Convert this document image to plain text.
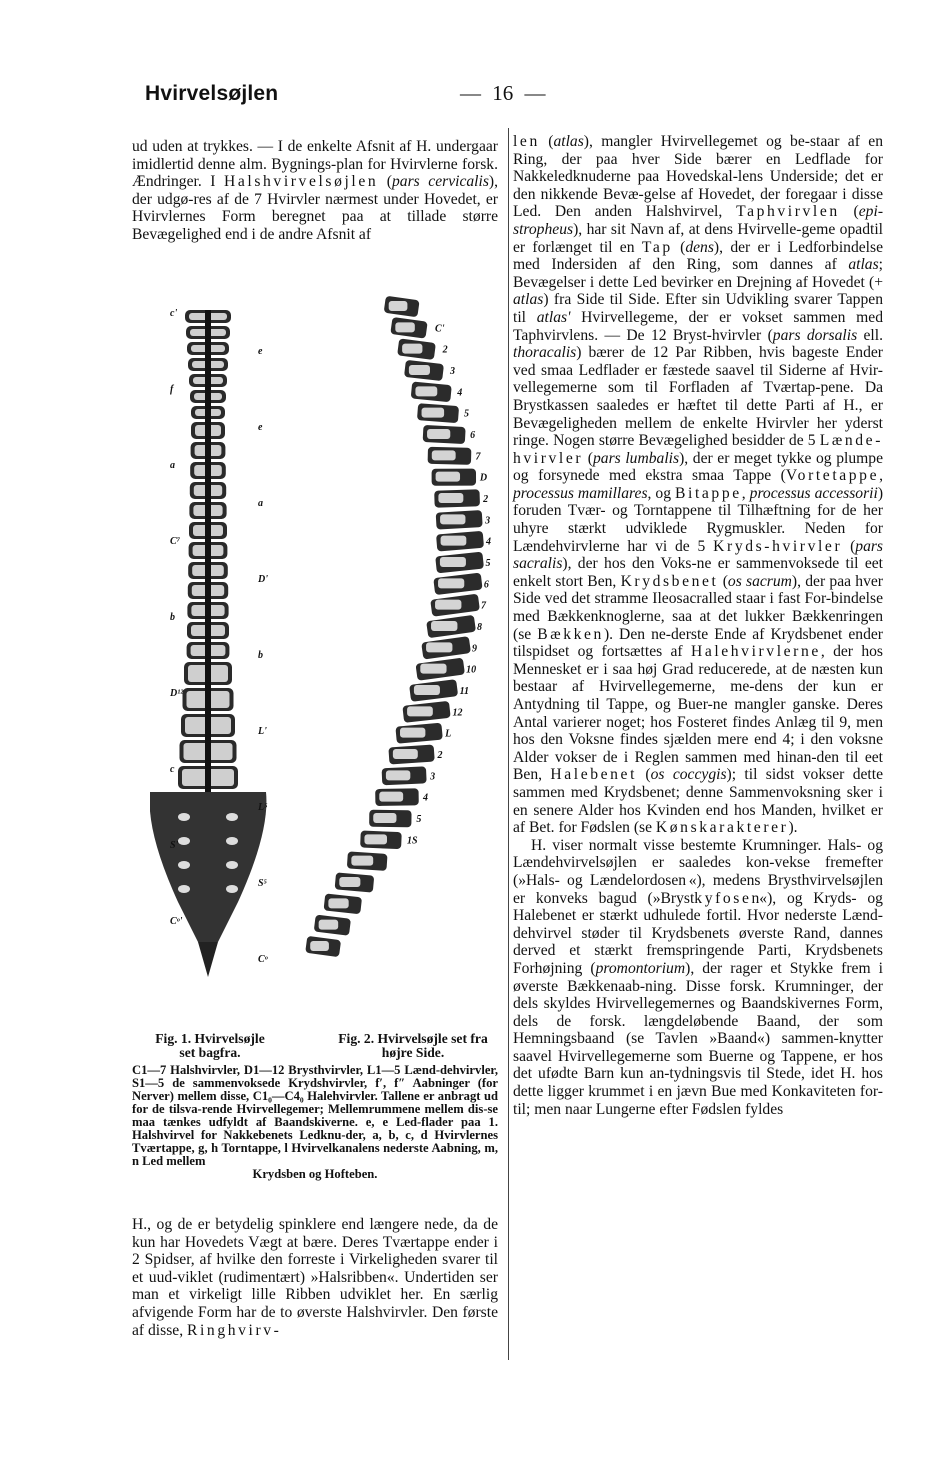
Hvirvelsøjlen	— 16 —

ud uden at trykkes. — I de enkelte Afsnit af H. undergaar imidlertid denne alm. Bygnings-plan for Hvirvlerne forsk. Ændringer. I Halshvirvelsøjlen (pars cervicalis), der udgø-res af de 7 Hvirvler nærmest under Hovedet, er Hvirvlernes Form beregnet paa at tillade større Bevægelighed end i de andre Afsnit af

c'
e
f
e
a
a
C⁷
D'
b
b
D¹²
L'
c
L⁵
S'
S⁵
Cᵒ'
Cᵒ
C'
2
3
4
5
6
7
D
2
3
4
5
6
7
8
9
10
11
12
L
2
3
4
5
1S
Fig. 1. Hvirvelsøjle set bagfra.
Fig. 2. Hvirvelsøjle set fra højre Side.
C1—7 Halshvirvler, D1—12 Brysthvirvler, L1—5 Lænd-dehvirvler, S1—5 de sammenvoksede Krydshvirvler, f′, f″ Aabninger (for Nerver) mellem disse, C1₀—C4₀ Halehvirvler. Tallene er anbragt ud for de tilsva-rende Hvirvellegemer; Mellemrummene mellem dis-se maa tænkes udfyldt af Baandskiverne. e, e Led-flader paa 1. Halshvirvel for Nakkebenets Ledknu-der, a, b, c, d Hvirvlernes Tværtappe, g, h Torntappe, l Hvirvelkanalens nederste Aabning, m, n Led mellem
Krydsben og Hofteben.

H., og de er betydelig spinklere end længere nede, da de kun har Hovedets Vægt at bære. Deres Tværtappe ender i 2 Spidser, af hvilke den forreste i Virkeligheden svarer til et uud-viklet (rudimentært) »Halsribben«. Undertiden ser man et virkeligt lille Ribben udviklet her. En særlig afvigende Form har de to øverste Halshvirvler. Den første af disse, Ringhvirv-

len (atlas), mangler Hvirvellegemet og be-staar af en Ring, der paa hver Side bærer en Ledflade for Nakkeledknuderne paa Hovedskal-lens Underside; det er den nikkende Bevæ-gelse af Hovedet, der foregaar i disse Led. Den anden Halshvirvel, Taphvirvlen (epi-stropheus), har sit Navn af, at dens Hvirvelle-geme opadtil er forlænget til en Tap (dens), der er i Ledforbindelse med Indersiden af den Ring, som dannes af atlas; Bevægelser i dette Led bevirker en Drejning af Hovedet (+ atlas) fra Side til Side. Efter sin Udvikling svarer Tappen til atlas' Hvirvellegeme, der er vokset sammen med Taphvirvlens. — De 12 Bryst-hvirvler (pars dorsalis ell. thoracalis) bærer de 12 Par Ribben, hvis bageste Ender ved smaa Ledflader er fæstede saavel til Siderne af Hvir-vellegemerne som til Forfladen af Tværtap-pene. Da Brystkassen saaledes er hæftet til dette Parti af H., er Bevægeligheden mellem de enkelte Hvirvler her yderst ringe. Nogen større Bevægelighed besidder de 5 Lænde-hvirvler (pars lumbalis), der er meget tykke og plumpe og forsynede med ekstra smaa Tappe (Vortetappe, processus mamillares, og Bitappe, processus accessorii) foruden Tvær- og Torntappene til Tilhæftning for de her uhyre stærkt udviklede Rygmuskler. Neden for Lændehvirvlerne har vi de 5 Kryds-hvirvler (pars sacralis), der hos den Voks-ne er sammenvoksede til eet enkelt stort Ben, Krydsbenet (os sacrum), der paa hver Side ved det stramme Ileosacralled staar i fast For-bindelse med Bækkenknoglerne, saa at det lukker Bækkenringen (se Bækken). Den ne-derste Ende af Krydsbenet ender tilspidset og fortsættes af Halehvirvlerne, der hos Mennesket er i saa høj Grad reducerede, at de næsten kun bestaar af Hvirvellegemerne, me-dens der kun er Antydning til Tappe, og Buer-ne mangler ganske. Deres Antal varierer noget; hos Fosteret findes Anlæg til 9, men hos den Voksne findes sjælden mere end 4; i den voksne Alder vokser de i Reglen sammen med hinan-den til eet Ben, Halebenet (os coccygis); til sidst vokser dette sammen med Krydsbenet; denne Sammenvoksning sker i en senere Alder hos Kvinden end hos Manden, hvilket er af Bet. for Fødslen (se Kønskarakterer).

H. viser normalt visse bestemte Krumninger. Hals- og Lændehvirvelsøjlen er saaledes kon-vekse fremefter (»Hals- og Lændelordosen«), medens Brysthvirvelsøjlen er konveks bagud (»Brystkyfosen«), og Kryds- og Halebenet er stærkt udhulede fortil. Hvor nederste Lænd-dehvirvel støder til Krydsbenets øverste Rand, dannes derved et stærkt fremspringende Parti, Krydsbenets Forhøjning (promontorium), der rager et Stykke frem i øverste Bækkenaab-ning. Disse forsk. Krumninger, der dels skyldes Hvirvellegemernes og Baandskivernes Form, dels de forsk. længdeløbende Baand, der som Hemningsbaand (se Tavlen »Baand«) sammen-knytter saavel Hvirvellegemerne som Buerne og Tappene, er hos det ufødte Barn kun an-tydningsvis til Stede, idet H. hos dette ligger krummet i en jævn Bue med Konkaviteten for-til; men naar Lungerne efter Fødslen fyldes
